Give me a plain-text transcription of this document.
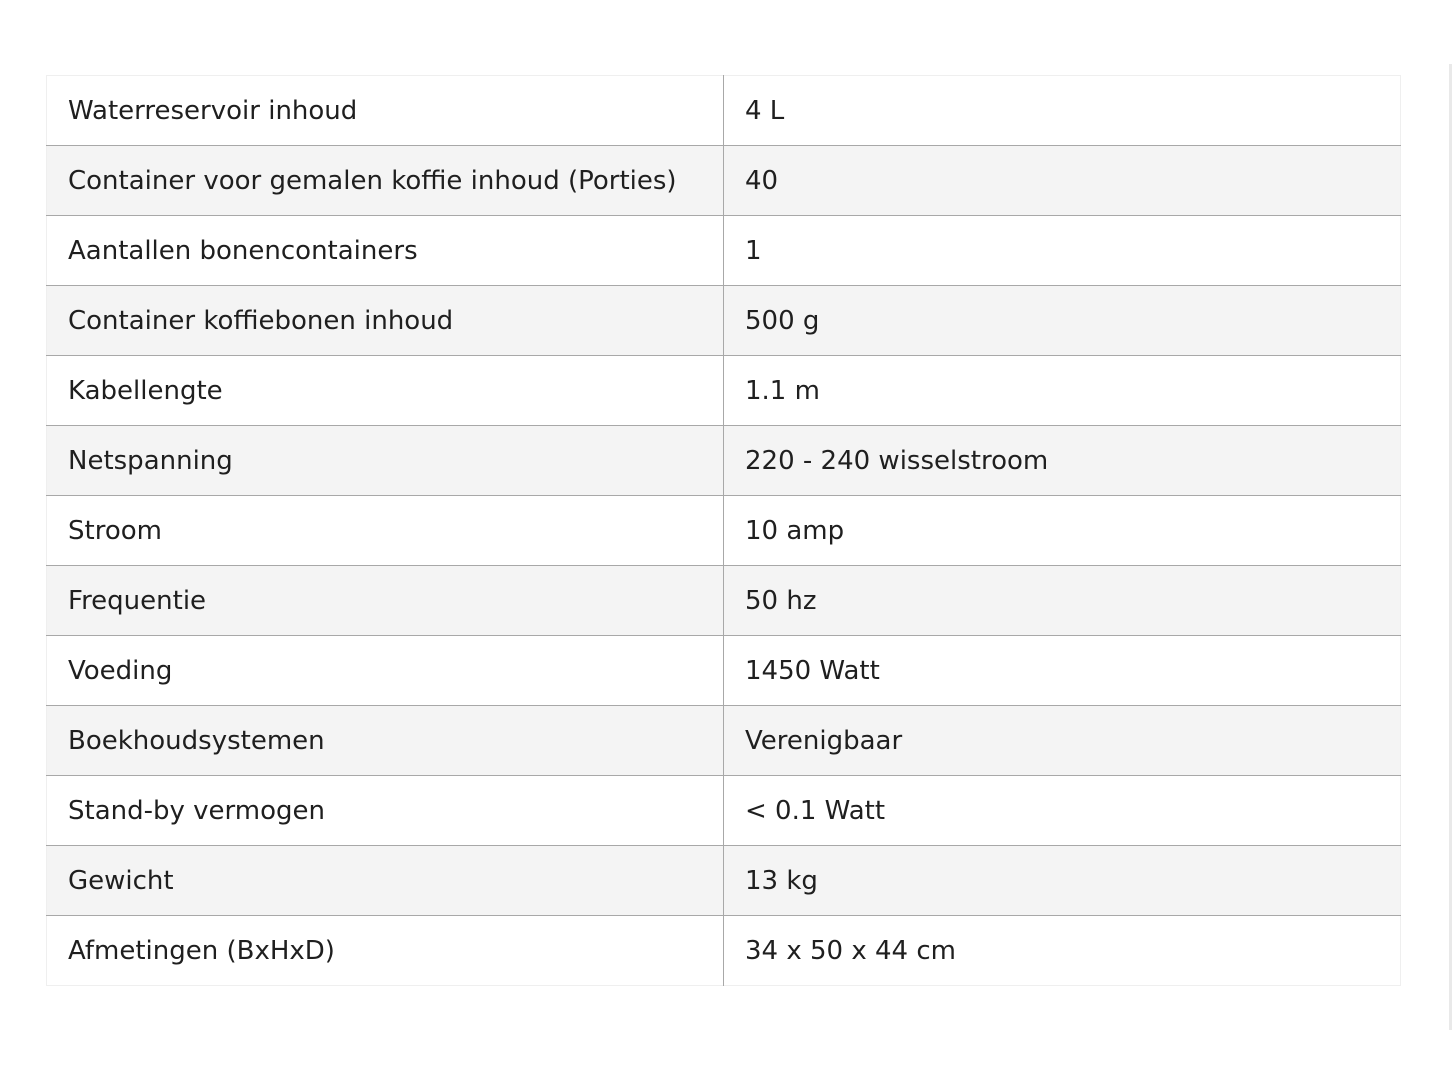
Waterreservoir inhoud	4 L
Container voor gemalen koffie inhoud (Porties)	40
Aantallen bonencontainers	1
Container koffiebonen inhoud	500 g
Kabellengte	1.1 m
Netspanning	220 - 240 wisselstroom
Stroom	10 amp
Frequentie	50 hz
Voeding	1450 Watt
Boekhoudsystemen	Verenigbaar
Stand-by vermogen	< 0.1 Watt
Gewicht	13 kg
Afmetingen (BxHxD)	34 x 50 x 44 cm
